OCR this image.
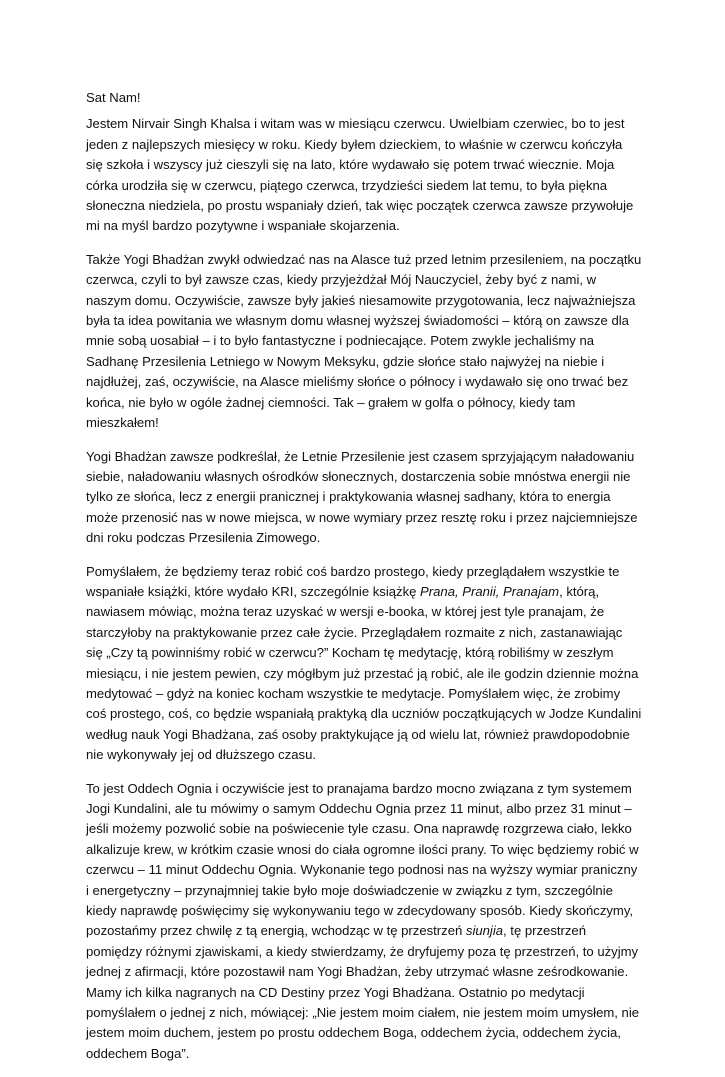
Sat Nam!

Jestem Nirvair Singh Khalsa i witam was w miesiącu czerwcu. Uwielbiam czerwiec, bo to jest jeden z najlepszych miesięcy w roku. Kiedy byłem dzieckiem, to właśnie w czerwcu kończyła się szkoła i wszyscy już cieszyli się na lato, które wydawało się potem trwać wiecznie. Moja córka urodziła się w czerwcu, piątego czerwca, trzydzieści siedem lat temu, to była piękna słoneczna niedziela, po prostu wspaniały dzień, tak więc początek czerwca zawsze przywołuje mi na myśl bardzo pozytywne i wspaniałe skojarzenia.

Także Yogi Bhadżan zwykł odwiedzać nas na Alasce tuż przed letnim przesileniem, na początku czerwca, czyli to był zawsze czas, kiedy przyjeżdżał Mój Nauczyciel, żeby być z nami, w naszym domu. Oczywiście, zawsze były jakieś niesamowite przygotowania, lecz najważniejsza była ta idea powitania we własnym domu własnej wyższej świadomości – którą on zawsze dla mnie sobą uosabiał – i to było fantastyczne i podniecające. Potem zwykle jechaliśmy na Sadhanę Przesilenia Letniego w Nowym Meksyku, gdzie słońce stało najwyżej na niebie i najdłużej, zaś, oczywiście, na Alasce mieliśmy słońce o północy i wydawało się ono trwać bez końca, nie było w ogóle żadnej ciemności. Tak – grałem w golfa o północy, kiedy tam mieszkałem!

Yogi Bhadżan zawsze podkreślał, że Letnie Przesilenie jest czasem sprzyjającym naładowaniu siebie, naładowaniu własnych ośrodków słonecznych, dostarczenia sobie mnóstwa energii nie tylko ze słońca, lecz z energii pranicznej i praktykowania własnej sadhany, która to energia może przenosić nas w nowe miejsca, w nowe wymiary przez resztę roku i przez najciemniejsze dni roku podczas Przesilenia Zimowego.

Pomyślałem, że będziemy teraz robić coś bardzo prostego, kiedy przeglądałem wszystkie te wspaniałe książki, które wydało KRI, szczególnie książkę Prana, Pranii, Pranajam, którą, nawiasem mówiąc, można teraz uzyskać w wersji e-booka, w której jest tyle pranajam, że starczyłoby na praktykowanie przez całe życie. Przeglądałem rozmaite z nich, zastanawiając się „Czy tą powinniśmy robić w czerwcu?” Kocham tę medytację, którą robiliśmy w zeszłym miesiącu, i nie jestem pewien, czy mógłbym już przestać ją robić, ale ile godzin dziennie można medytować – gdyż na koniec kocham wszystkie te medytacje. Pomyślałem więc, że zrobimy coś prostego, coś, co będzie wspaniałą praktyką dla uczniów początkujących w Jodze Kundalini według nauk Yogi Bhadżana, zaś osoby praktykujące ją od wielu lat, również prawdopodobnie nie wykonywały jej od dłuższego czasu.

To jest Oddech Ognia i oczywiście jest to pranajama bardzo mocno związana z tym systemem Jogi Kundalini, ale tu mówimy o samym Oddechu Ognia przez 11 minut, albo przez 31 minut – jeśli możemy pozwolić sobie na poświecenie tyle czasu. Ona naprawdę rozgrzewa ciało, lekko alkalizuje krew, w krótkim czasie wnosi do ciała ogromne ilości prany. To więc będziemy robić w czerwcu – 11 minut Oddechu Ognia. Wykonanie tego podnosi nas na wyższy wymiar praniczny i energetyczny – przynajmniej takie było moje doświadczenie w związku z tym, szczególnie kiedy naprawdę poświęcimy się wykonywaniu tego w zdecydowany sposób. Kiedy skończymy, pozostańmy przez chwilę z tą energią, wchodząc w tę przestrzeń siunjia, tę przestrzeń pomiędzy różnymi zjawiskami, a kiedy stwierdzamy, że dryfujemy poza tę przestrzeń, to użyjmy jednej z afirmacji, które pozostawił nam Yogi Bhadżan, żeby utrzymać własne ześrodkowanie. Mamy ich kilka nagranych na CD Destiny przez Yogi Bhadżana. Ostatnio po medytacji pomyślałem o jednej z nich, mówiącej: „Nie jestem moim ciałem, nie jestem moim umysłem, nie jestem moim duchem, jestem po prostu oddechem Boga, oddechem życia, oddechem życia, oddechem Boga”.
